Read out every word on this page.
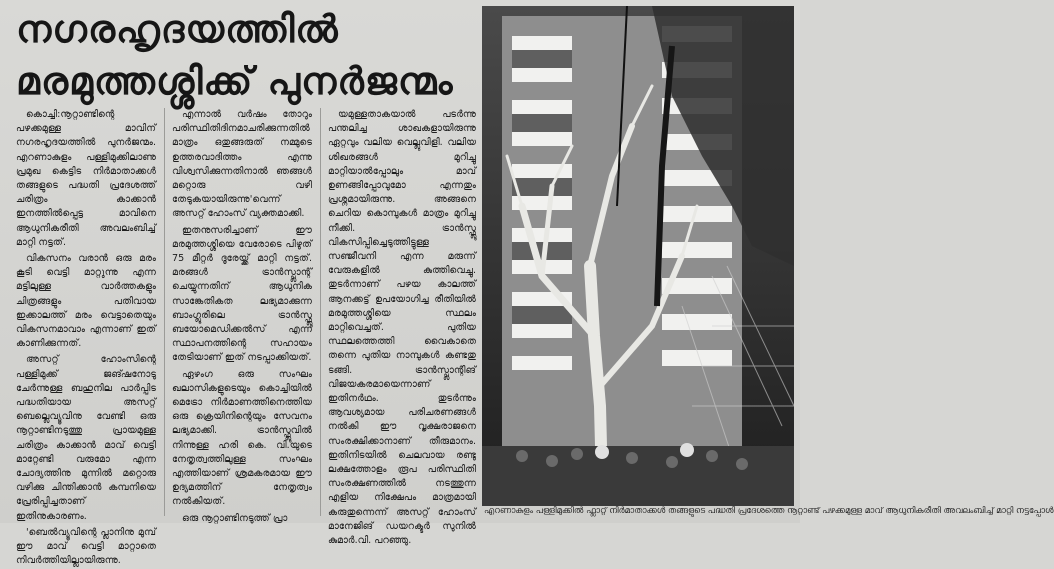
നഗരഹൃദയത്തിൽ
മരമുത്തശ്ശിക്ക് പുനർജന്മം

കൊച്ചി:നൂറ്റാണ്ടിന്റെ പഴക്കമുള്ള മാവിന് നഗരഹൃദയത്തിൽ പുനർജന്മം. എറണാകുളം പള്ളിമുക്കിലാണു പ്രമുഖ കെട്ടിട നിർമാതാക്കൾ തങ്ങളുടെ പദ്ധതി പ്രദേശത്ത് ചരിത്രം കാക്കാൻ ഇനത്തിൽപ്പെട്ട മാവിനെ ആധുനികരീതി അവലംബിച്ച് മാറ്റി നട്ടത്.

വികസനം വരാൻ ഒരു മരം കൂടി വെട്ടി മാറ്റുന്നു എന്ന മട്ടിലുള്ള വാർത്തകളും ചിത്രങ്ങളും പതിവായ ഇക്കാലത്ത് മരം വെട്ടാതെയും വികസനമാവാം എന്നാണ് ഇത് കാണിക്കുന്നത്.

അസറ്റ് ഹോംസിന്റെ പള്ളിമുക്ക് ജങ്ഷനോടു ചേർന്നുള്ള ബഹുനില പാർപ്പിട പദ്ധതിയായ അസറ്റ് ബെല്ലെവ്യൂവിനു വേണ്ടി ഒരു നൂറ്റാണ്ടിനടുത്തു പ്രായമുള്ള ചരിത്രം കാക്കാൻ മാവ് വെട്ടി മാറ്റേണ്ടി വരുമോ എന്ന ചോദ്യത്തിനു മുന്നിൽ മറ്റൊരു വഴിക്കു ചിന്തിക്കാൻ കമ്പനിയെ പ്രേരിപ്പിച്ചതാണ് ഇതിനുകാരണം.

'ബെൽവ്യൂവിന്റെ പ്ലാനിനു മുമ്പ് ഈ മാവ് വെട്ടി മാറ്റാതെ നിവർത്തിയില്ലായിരുന്നു.

എന്നാൽ വർഷം തോറും പരിസ്ഥിതിദിനമാചരിക്കുന്നതിൽ മാത്രം ഒതുങ്ങരുത് നമ്മുടെ ഉത്തരവാദിത്തം എന്നു വിശ്വസിക്കുന്നതിനാൽ ഞങ്ങൾ മറ്റൊരു വഴി തേടുകയായിരുന്നു'വെന്ന് അസറ്റ് ഹോംസ് വ്യക്തമാക്കി.

ഇതനുസരിച്ചാണ് ഈ മരമുത്തശ്ശിയെ വേരോടെ പിഴുത് 75 മീറ്റർ ദൂരേയ്ക്ക് മാറ്റി നട്ടത്. മരങ്ങൾ ട്രാൻസ്പ്ലാന്റ് ചെയ്യുന്നതിന് ആധുനിക സാങ്കേതികത ലഭ്യമാക്കുന്ന ബാംഗ്ലൂരിലെ ട്രാൻസ്ഫ്ലൂ ബയോമെഡിക്കൽസ് എന്ന സ്ഥാപനത്തിന്റെ സഹായം തേടിയാണ് ഇത് നടപ്പാക്കിയത്.

ഏഴംഗ ഒരു സംഘം ഖലാസികളുടെയും കൊച്ചിയിൽ മെട്രോ നിർമാണത്തിനെത്തിയ ഒരു ക്രെയിനിന്റെയും സേവനം ലഭ്യമാക്കി. ട്രാൻസ്ഫ്ലൂവിൽ നിന്നുള്ള ഹരി കെ. വി.യുടെ നേതൃത്വത്തിലുള്ള സംഘം എത്തിയാണ് ശ്രമകരമായ ഈ ഉദ്യമത്തിന് നേതൃത്വം നൽകിയത്.

ഒരു നൂറ്റാണ്ടിനടുത്ത് പ്രാ

യമുള്ളതാകയാൽ പടർന്നു പന്തലിച്ച ശാഖകളായിരുന്നു ഏറ്റവും വലിയ വെല്ലുവിളി. വലിയ ശിഖരങ്ങൾ മുറിച്ചു മാറ്റിയാൽപ്പോലും മാവ് ഉണങ്ങിപ്പോവുമോ എന്നതും പ്രശ്നമായിരുന്നു. അങ്ങനെ ചെറിയ കൊമ്പുകൾ മാത്രം മുറിച്ചു നീക്കി. ട്രാൻസ്ഫ്ലൂ വികസിപ്പിച്ചെടുത്തിട്ടുള്ള സഞ്ജീവനി എന്ന മരുന്ന് വേരുകളിൽ കുത്തിവെച്ചു. തുടർന്നാണ് പഴയ കാലത്ത് ആനക്കട്ട് ഉപയോഗിച്ച രീതിയിൽ മരമുത്തശ്ശിയെ സ്ഥലം മാറ്റിവെച്ചത്. പുതിയ സ്ഥലത്തെത്തി വൈകാതെ തന്നെ പുതിയ നാമ്പുകൾ കണ്ടതു ടങ്ങി. ട്രാൻസ്പ്ലാന്റിങ് വിജയകരമായെന്നാണ് ഇതിനർഥം. തുടർന്നും ആവശ്യമായ പരിചരണങ്ങൾ നൽകി ഈ വൃക്ഷരാജനെ സംരക്ഷിക്കാനാണ് തീരുമാനം. ഇതിനിടയിൽ ചെലവായ രണ്ടു ലക്ഷത്തോളം രൂപ പരിസ്ഥിതി സംരക്ഷണത്തിൽ നടത്തുന്ന എളിയ നിക്ഷേപം മാത്രമായി കരുതുന്നെന്ന് അസറ്റ് ഹോംസ് മാനേജിങ് ഡയറക്ടർ സുനിൽ കുമാർ.വി. പറഞ്ഞു.

എറണാകുളം പള്ളിമുക്കിൽ ഫ്ലാറ്റ് നിർമാതാക്കൾ തങ്ങളുടെ പദ്ധതി പ്രദേശത്തെ നൂറ്റാണ്ട് പഴക്കമുള്ള മാവ് ആധുനികരീതി അവലംബിച്ച് മാറ്റി നട്ടപ്പോൾ
